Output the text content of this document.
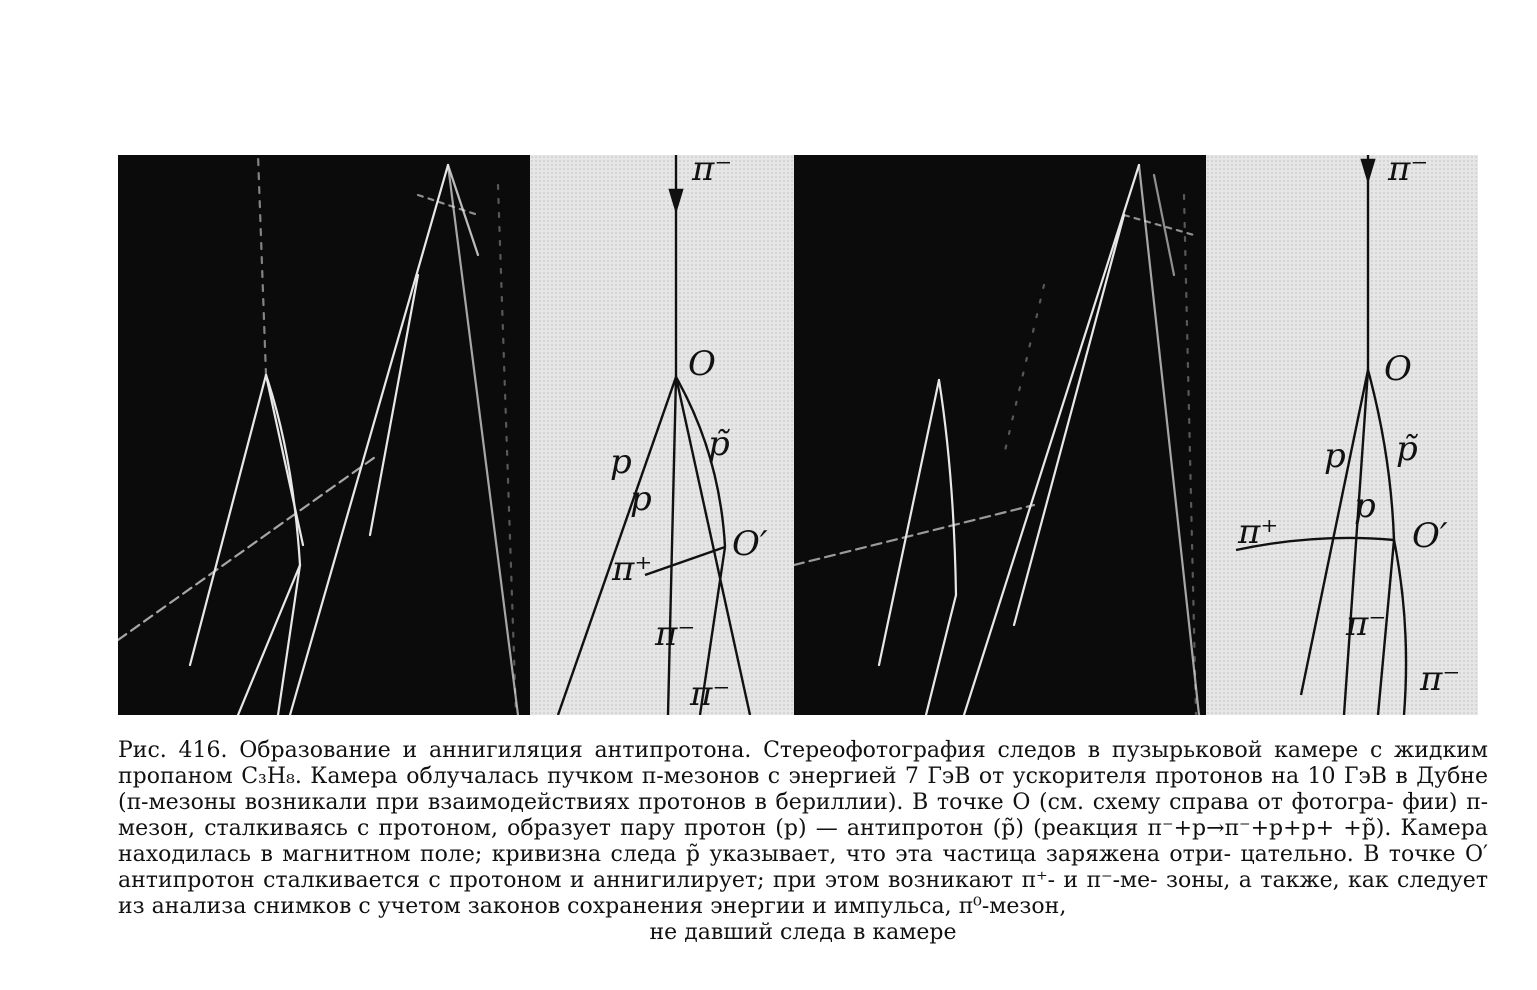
π⁻
O
p
p
p̃
O′
π⁺
π⁻
π⁻
π⁻
O
p
p
p̃
O′
π⁺
π⁻
π⁻
Рис. 416. Образование и аннигиляция антипротона. Стереофотография следов в пузырьковой камере с жидким пропаном C₃H₈. Камера облучалась пучком π-мезонов с энергией 7 ГэВ от ускорителя протонов на 10 ГэВ в Дубне (π-мезоны возникали при взаимодействиях протонов в бериллии). В точке O (см. схему справа от фотогра- фии) π-мезон, сталкиваясь с протоном, образует пару протон (p) — антипротон (p̃) (реакция π⁻+p→π⁻+p+p+ +p̃). Камера находилась в магнитном поле; кривизна следа p̃ указывает, что эта частица заряжена отри- цательно. В точке O′ антипротон сталкивается с протоном и аннигилирует; при этом возникают π⁺- и π⁻-ме- зоны, а также, как следует из анализа снимков с учетом законов сохранения энергии и импульса, π⁰-мезон,
не давший следа в камере
